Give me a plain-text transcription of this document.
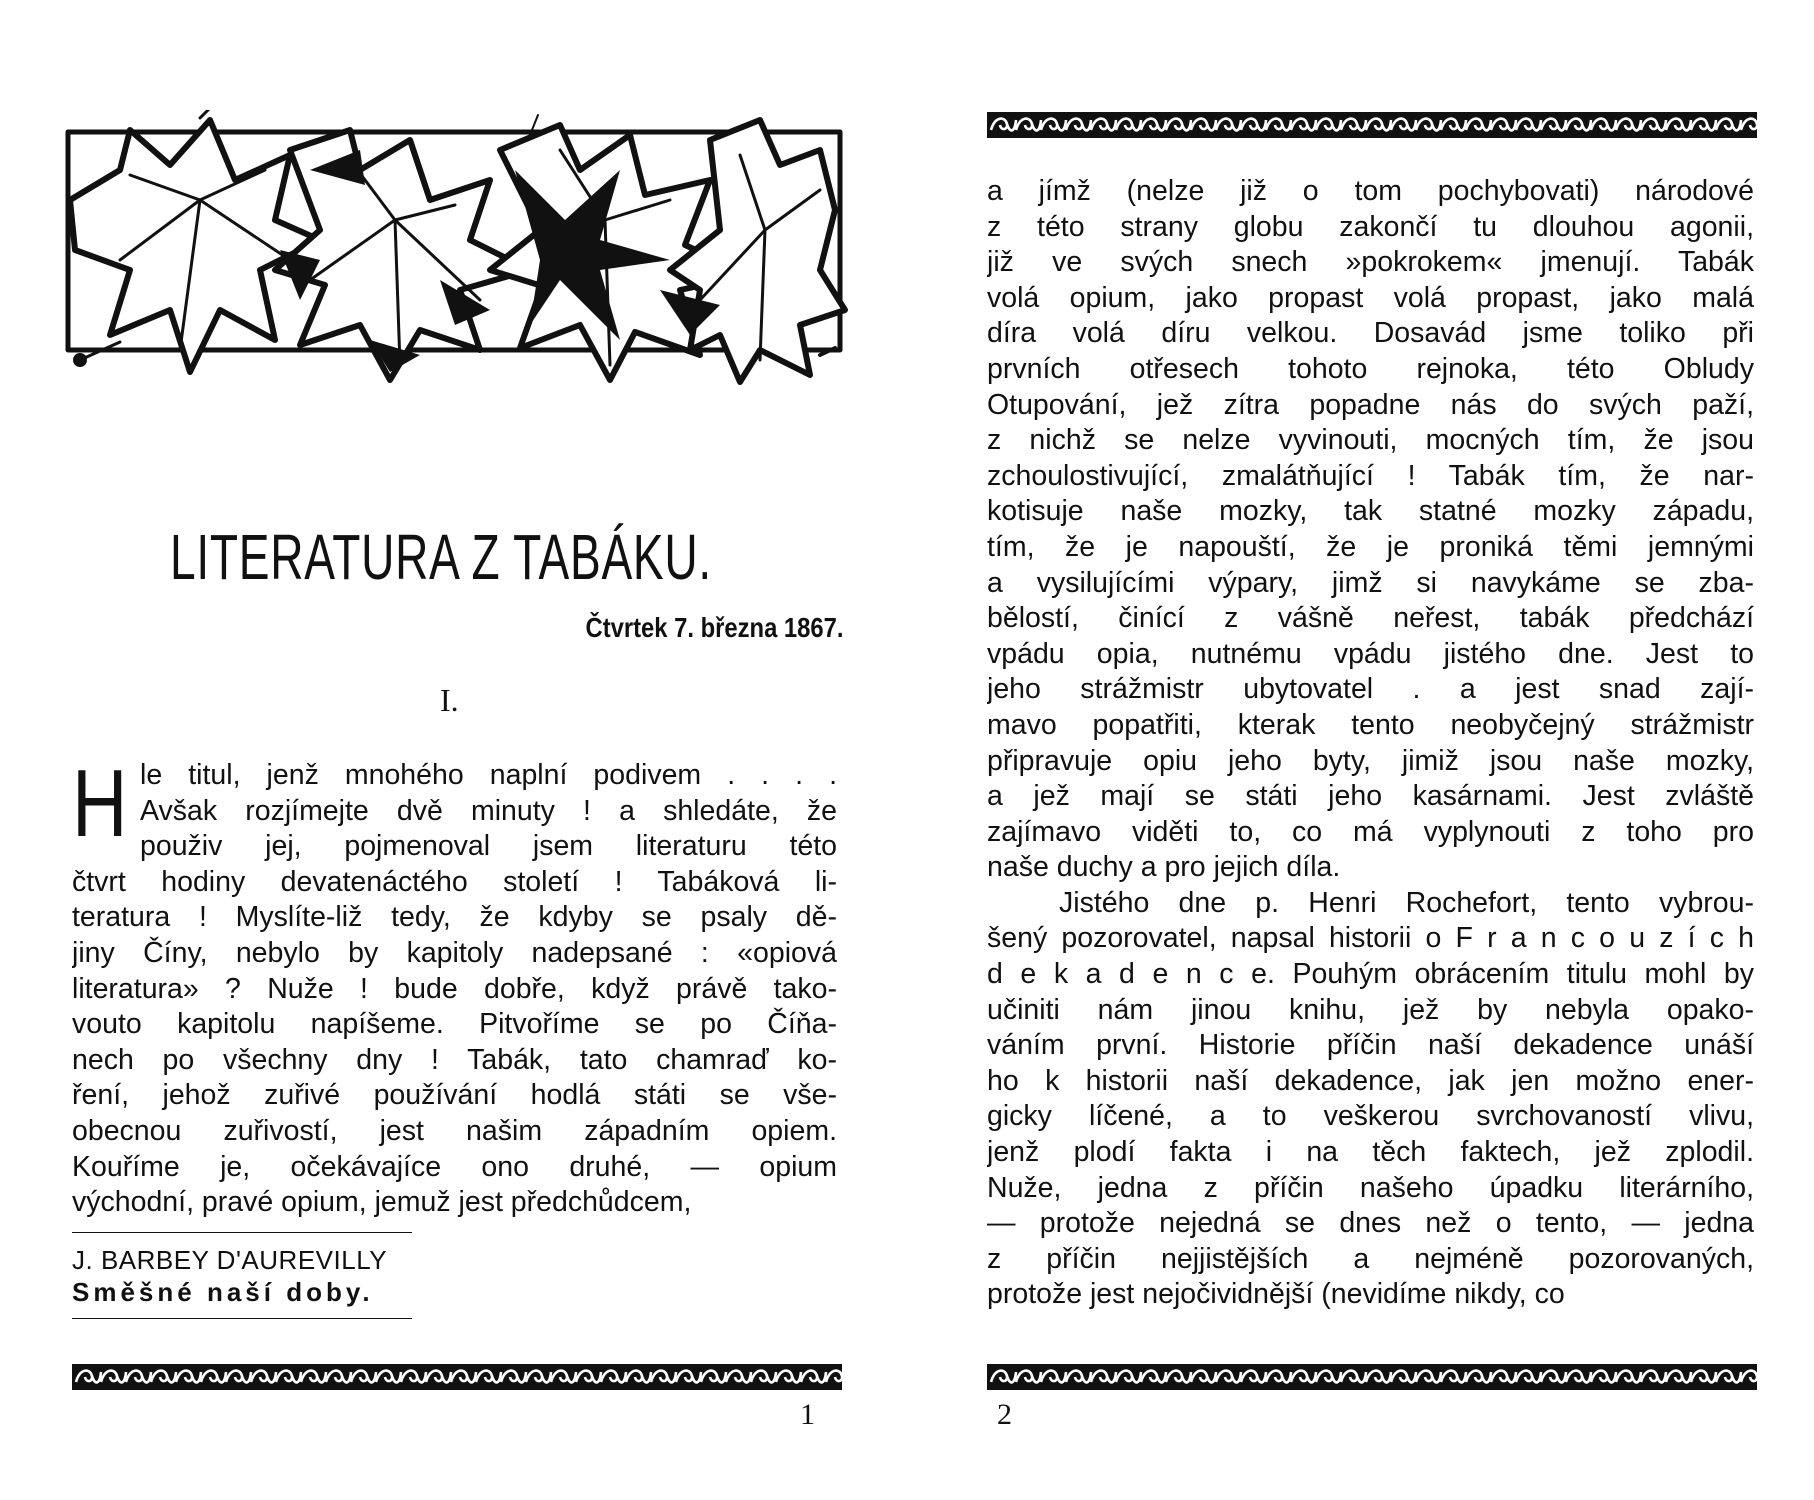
LITERATURA Z TABÁKU.
Čtvrtek 7. března 1867.
I.
H le titul, jenž mnohého naplní podivem . . . .
Avšak rozjímejte dvě minuty ! a shledáte, že
použiv jej, pojmenoval jsem literaturu této
čtvrt hodiny devatenáctého století ! Tabáková li-
teratura ! Myslíte-liž tedy, že kdyby se psaly dě-
jiny Číny, nebylo by kapitoly nadepsané : «opiová
literatura» ? Nuže ! bude dobře, když právě tako-
vouto kapitolu napíšeme. Pitvoříme se po Číňa-
nech po všechny dny ! Tabák, tato chamraď ko-
ření, jehož zuřivé používání hodlá státi se vše-
obecnou zuřivostí, jest našim západním opiem.
Kouříme je, očekávajíce ono druhé, — opium
východní, pravé opium, jemuž jest předchůdcem,
J. BARBEY D'AUREVILLY
Směšné naší doby.
1
a jímž (nelze již o tom pochybovati) národové
z této strany globu zakončí tu dlouhou agonii,
již ve svých snech »pokrokem« jmenují. Tabák
volá opium, jako propast volá propast, jako malá
díra volá díru velkou. Dosavád jsme toliko při
prvních otřesech tohoto rejnoka, této Obludy
Otupování, jež zítra popadne nás do svých paží,
z nichž se nelze vyvinouti, mocných tím, že jsou
zchoulostivující, zmalátňující ! Tabák tím, že nar-
kotisuje naše mozky, tak statné mozky západu,
tím, že je napouští, že je proniká těmi jemnými
a vysilujícími výpary, jimž si navykáme se zba-
bělostí, činící z vášně neřest, tabák předchází
vpádu opia, nutnému vpádu jistého dne. Jest to
jeho strážmistr ubytovatel . a jest snad zají-
mavo popatřiti, kterak tento neobyčejný strážmistr
připravuje opiu jeho byty, jimiž jsou naše mozky,
a jež mají se státi jeho kasárnami. Jest zvláště
zajímavo viděti to, co má vyplynouti z toho pro
naše duchy a pro jejich díla.
Jistého dne p. Henri Rochefort, tento vybrou-
šený pozorovatel, napsal historii o F r a n c o u z í c h
d e k a d e n c e. Pouhým obrácením titulu mohl by
učiniti nám jinou knihu, jež by nebyla opako-
váním první. Historie příčin naší dekadence unáší
ho k historii naší dekadence, jak jen možno ener-
gicky líčené, a to veškerou svrchovaností vlivu,
jenž plodí fakta i na těch faktech, jež zplodil.
Nuže, jedna z příčin našeho úpadku literárního,
— protože nejedná se dnes než o tento, — jedna
z příčin nejjistějších a nejméně pozorovaných,
protože jest nejočividnější (nevidíme nikdy, co
2
